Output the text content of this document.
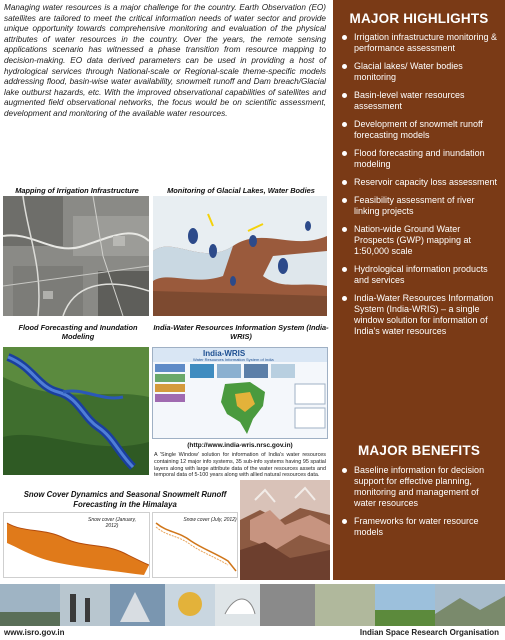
Managing water resources is a major challenge for the country. Earth Observation (EO) satellites are tailored to meet the critical information needs of water sector and provide unique opportunity towards comprehensive monitoring and evaluation of the physical attributes of water resources in the country. Over the years, the remote sensing applications scenario has witnessed a phase transition from resource mapping to decision-making. EO data derived parameters can be used in providing a host of hydrological services through National-scale or Regional-scale theme-specific models addressing flood, basin-wise water availability, snowmelt runoff and Dam breach/Glacial lake outburst hazards, etc. With the improved observational capabilities of satellites and augmented field observational networks, the focus would be on scientific assessment, development and monitoring of the available water resources.

Mapping of Irrigation Infrastructure	Monitoring of Glacial Lakes, Water Bodies
Flood Forecasting and Inundation Modeling
India-Water Resources Information System (India-WRIS)
India-WRIS
Water Resources Information System of India
(http://www.india-wris.nrsc.gov.in)

A 'Single Window' solution for information of India's water resources containing 12 major info systems, 35 sub-info systems having 95 spatial layers along with large attribute data of the water resources assets and temporal data of 5-100 years along with allied natural resources data.

Snow Cover Dynamics and Seasonal Snowmelt Runoff Forecasting in the Himalaya
Snow cover (January, 2012)
Snow cover (July, 2012)
MAJOR HIGHLIGHTS
Irrigation infrastructure monitoring & performance assessment
Glacial lakes/ Water bodies monitoring
Basin-level water resources assessment
Development of snowmelt runoff forecasting models
Flood forecasting and inundation modeling
Reservoir capacity loss assessment
Feasibility assessment of river linking projects
Nation-wide Ground Water Prospects (GWP) mapping at 1:50,000 scale
Hydrological information products and services
India-Water Resources Information System (India-WRIS) – a single window solution for information of India's water resources
MAJOR BENEFITS
Baseline information for decision support for effective planning, monitoring and management of water resources
Frameworks for water resource models
www.isro.gov.in	Indian Space Research Organisation
